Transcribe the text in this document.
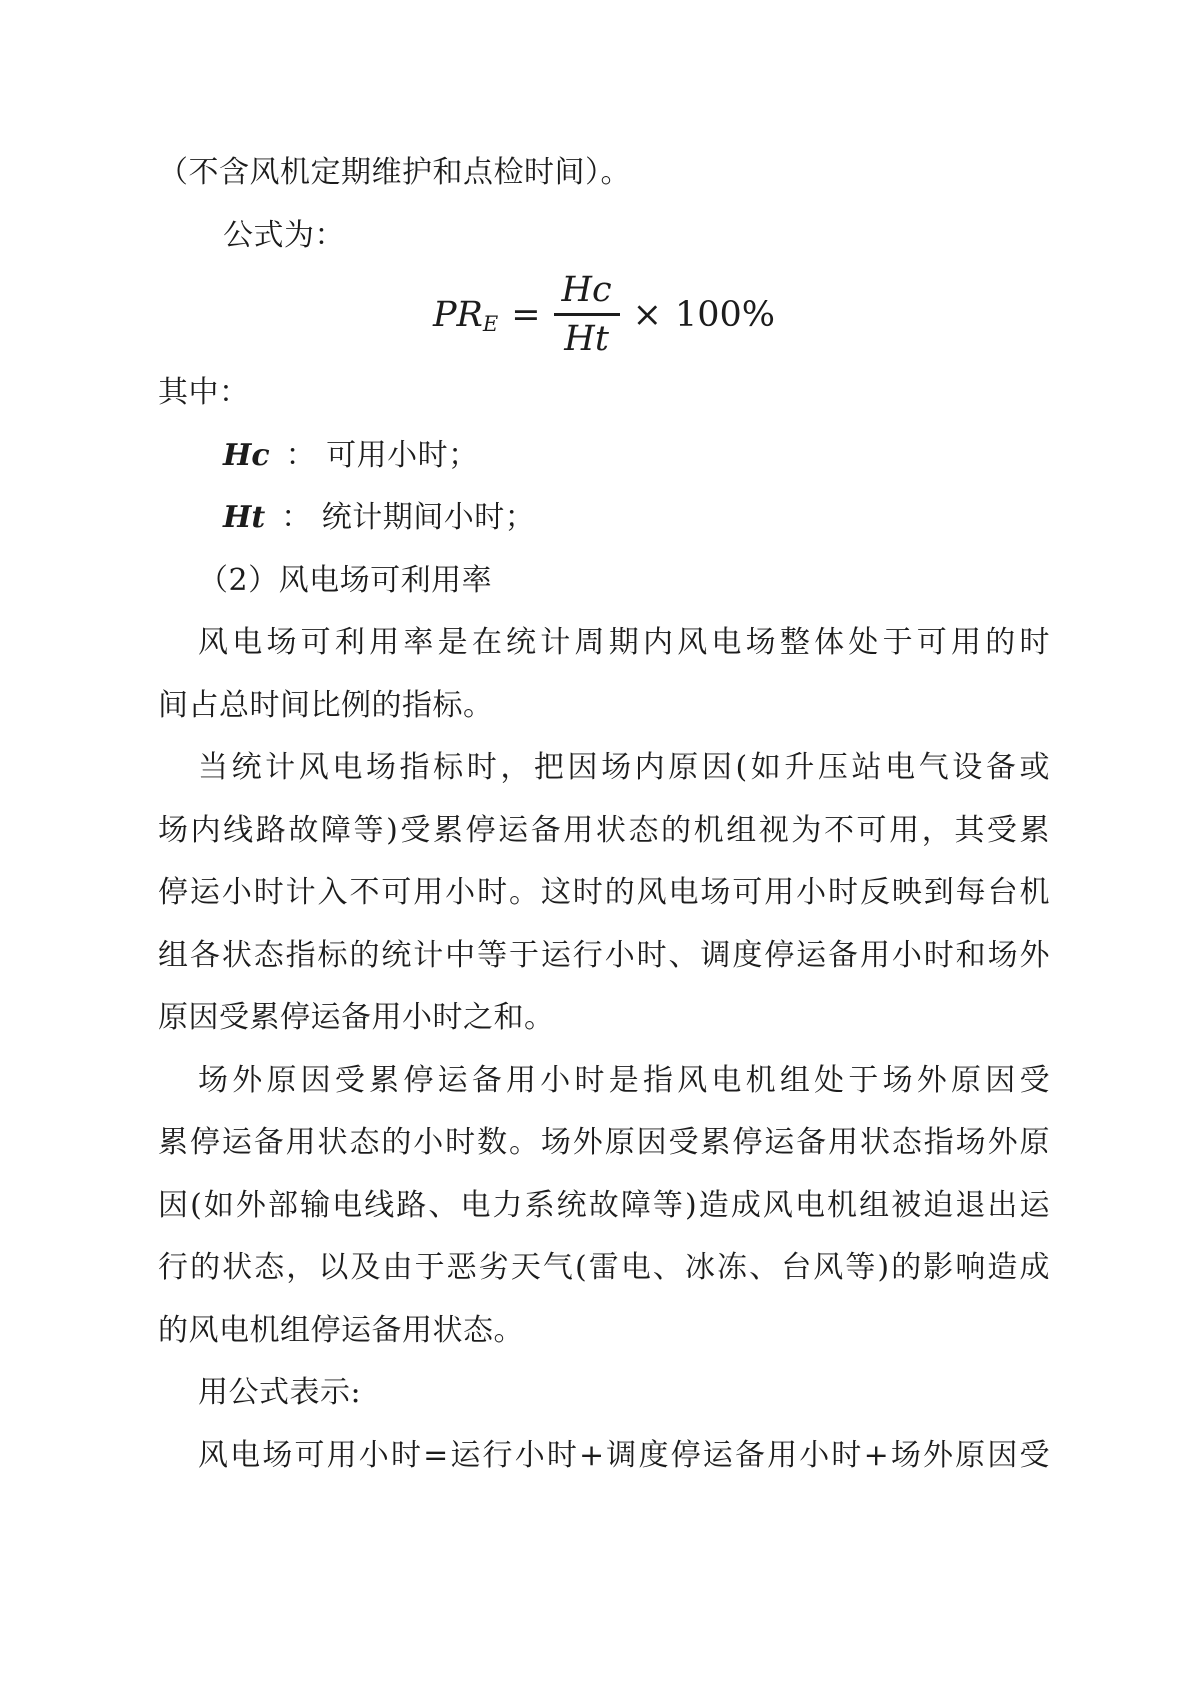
（不含风机定期维护和点检时间）。

公式为：

PRE = $\frac{Hc}{Ht} \times 100\%$

其中：

Hc ： 可用小时；

Ht ： 统计期间小时；

（2）风电场可利用率

风电场可利用率是在统计周期内风电场整体处于可用的时

间占总时间比例的指标。

当统计风电场指标时，把因场内原因(如升压站电气设备或

场内线路故障等)受累停运备用状态的机组视为不可用，其受累

停运小时计入不可用小时。这时的风电场可用小时反映到每台机

组各状态指标的统计中等于运行小时、调度停运备用小时和场外

原因受累停运备用小时之和。

场外原因受累停运备用小时是指风电机组处于场外原因受

累停运备用状态的小时数。场外原因受累停运备用状态指场外原

因(如外部输电线路、电力系统故障等)造成风电机组被迫退出运

行的状态，以及由于恶劣天气(雷电、冰冻、台风等)的影响造成

的风电机组停运备用状态。

用公式表示:

风电场可用小时=运行小时+调度停运备用小时+场外原因受
